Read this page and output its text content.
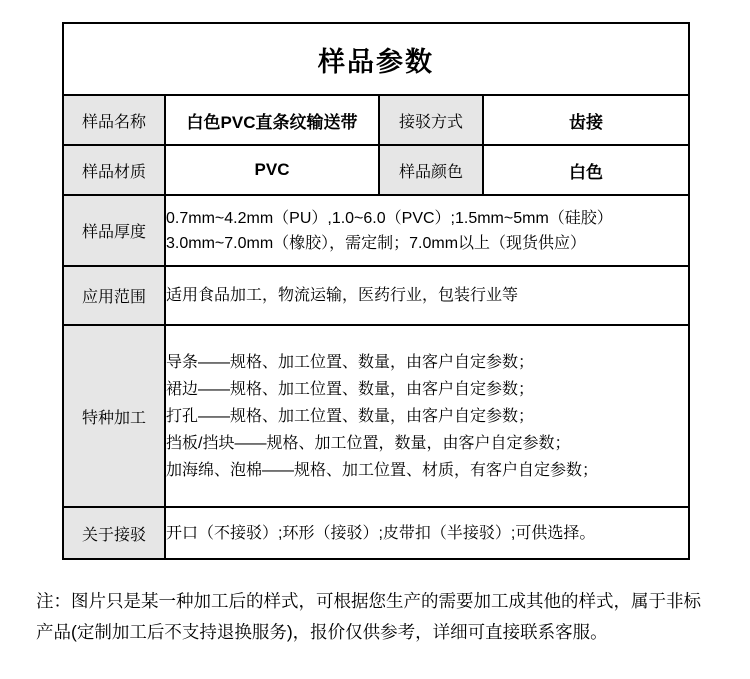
样品参数			
样品名称	白色PVC直条纹输送带	接驳方式	齿接
样品材质	PVC	样品颜色	白色
样品厚度	0.7mm~4.2mm（PU）,1.0~6.0（PVC）;1.5mm~5mm（硅胶）
3.0mm~7.0mm（橡胶），需定制；7.0mm以上（现货供应）		

应用范围	适用食品加工，物流运输，医药行业，包装行业等		
特种加工	导条——规格、加工位置、数量，由客户自定参数；
裙边——规格、加工位置、数量，由客户自定参数；
打孔——规格、加工位置、数量，由客户自定参数；
挡板/挡块——规格、加工位置，数量，由客户自定参数；
加海绵、泡棉——规格、加工位置、材质，有客户自定参数；		

关于接驳	开口（不接驳）;环形（接驳）;皮带扣（半接驳）;可供选择。		
注：图片只是某一种加工后的样式，可根据您生产的需要加工成其他的样式，属于非标
产品(定制加工后不支持退换服务)，报价仅供参考，详细可直接联系客服。
